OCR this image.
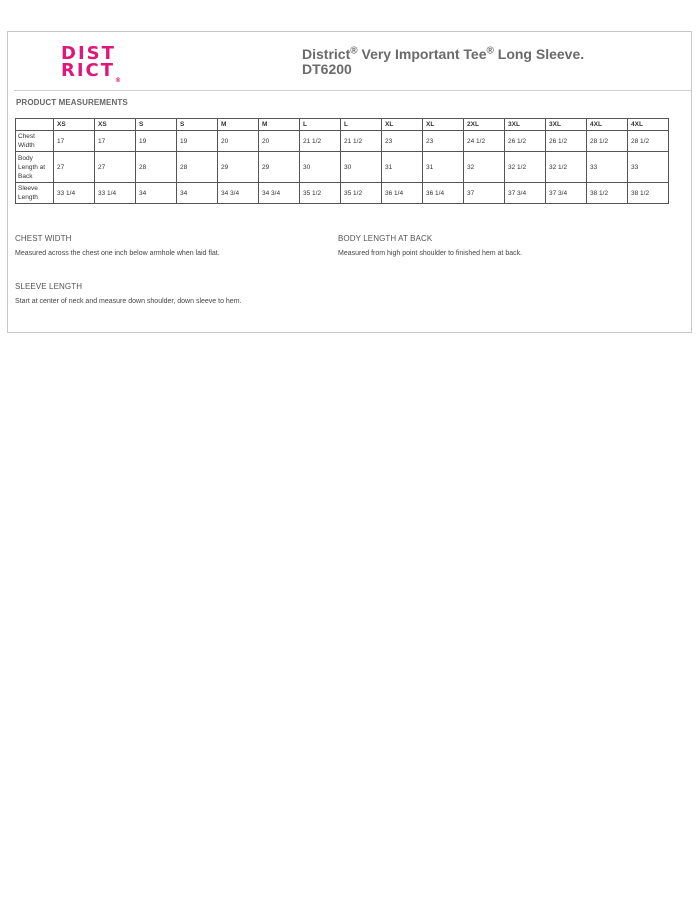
DIST
RICT®
District® Very Important Tee® Long Sleeve.
DT6200
PRODUCT MEASUREMENTS
	XS	XS	S	S	M	M	L	L	XL	XL	2XL	3XL	3XL	4XL	4XL
Chest Width	17	17	19	19	20	20	21 1/2	21 1/2	23	23	24 1/2	26 1/2	26 1/2	28 1/2	28 1/2
Body Length at Back	27	27	28	28	29	29	30	30	31	31	32	32 1/2	32 1/2	33	33
Sleeve Length	33 1/4	33 1/4	34	34	34 3/4	34 3/4	35 1/2	35 1/2	36 1/4	36 1/4	37	37 3/4	37 3/4	38 1/2	38 1/2
CHEST WIDTH
Measured across the chest one inch below armhole when laid flat.
BODY LENGTH AT BACK
Measured from high point shoulder to finished hem at back.
SLEEVE LENGTH
Start at center of neck and measure down shoulder, down sleeve to hem.
